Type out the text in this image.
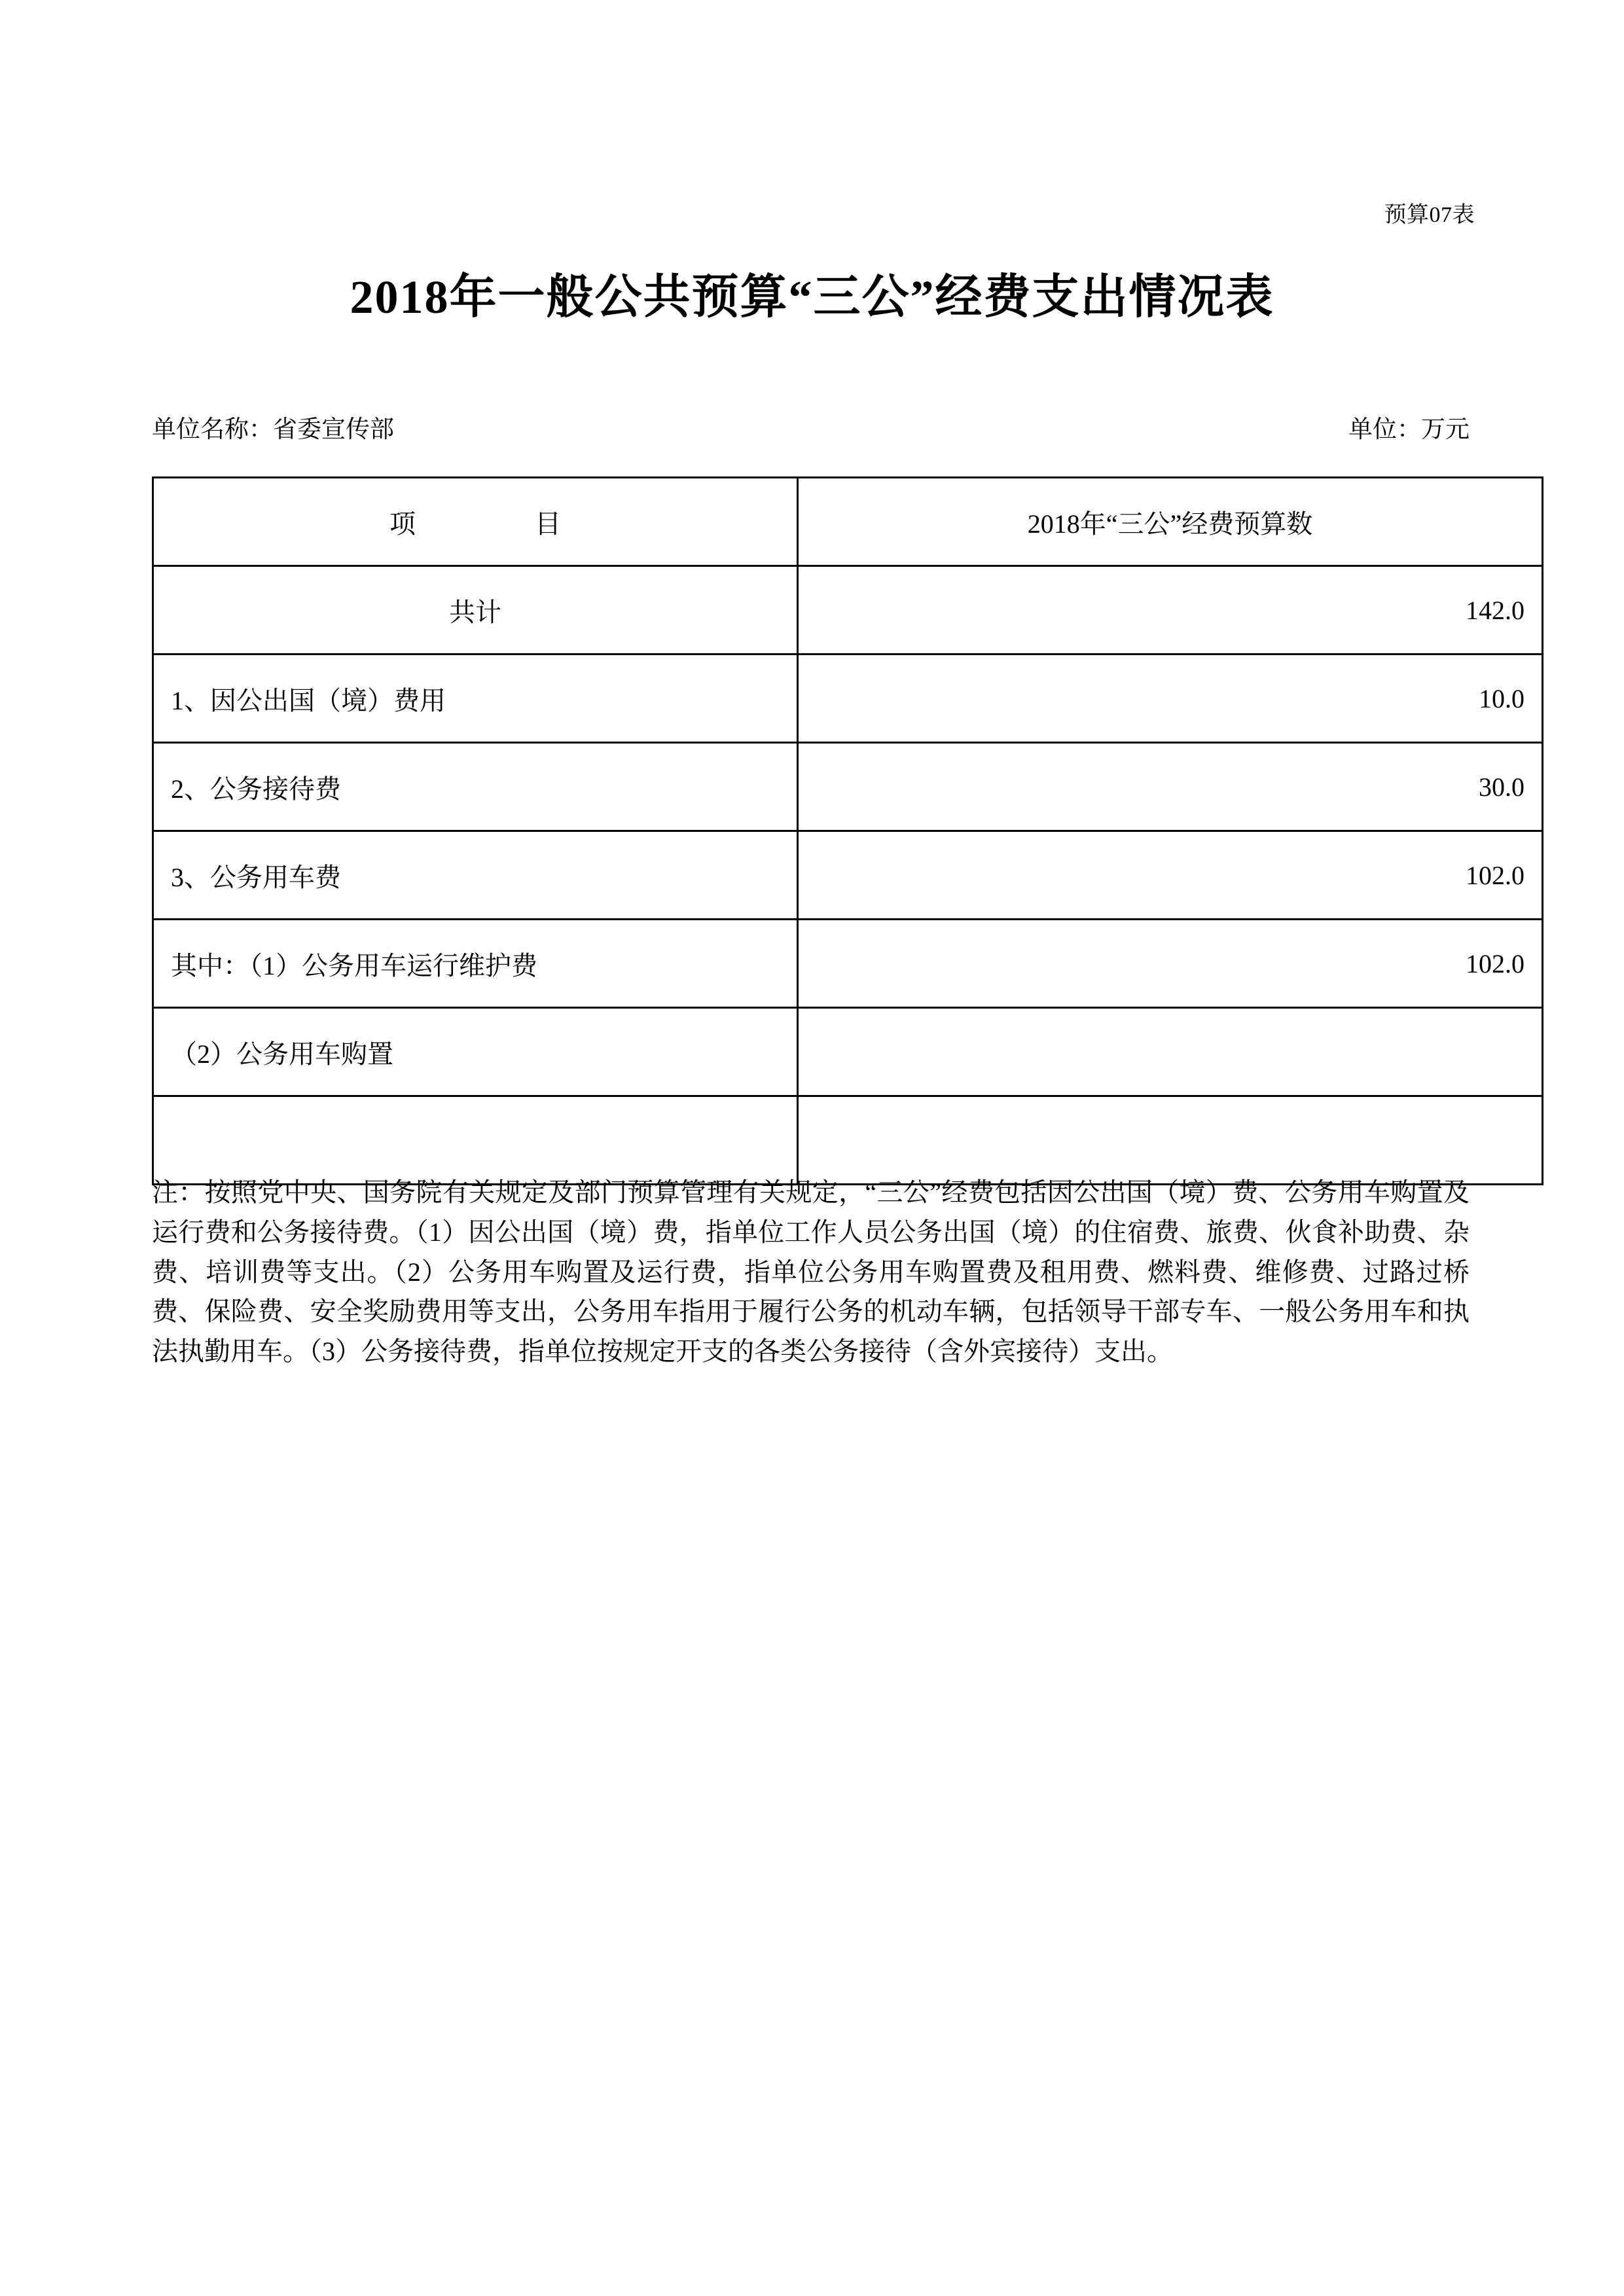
预算07表
2018年一般公共预算“三公”经费支出情况表
单位名称：省委宣传部	单位：万元
项　　目	2018年“三公”经费预算数
共计	142.0
1、因公出国（境）费用	10.0
2、公务接待费	30.0
3、公务用车费	102.0
其中：（1）公务用车运行维护费	102.0
（2）公务用车购置	

注：按照党中央、国务院有关规定及部门预算管理有关规定，“三公”经费包括因公出国（境）费、公务用车购置及运行费和公务接待费。（1）因公出国（境）费，指单位工作人员公务出国（境）的住宿费、旅费、伙食补助费、杂费、培训费等支出。（2）公务用车购置及运行费，指单位公务用车购置费及租用费、燃料费、维修费、过路过桥费、保险费、安全奖励费用等支出，公务用车指用于履行公务的机动车辆，包括领导干部专车、一般公务用车和执法执勤用车。（3）公务接待费，指单位按规定开支的各类公务接待（含外宾接待）支出。
